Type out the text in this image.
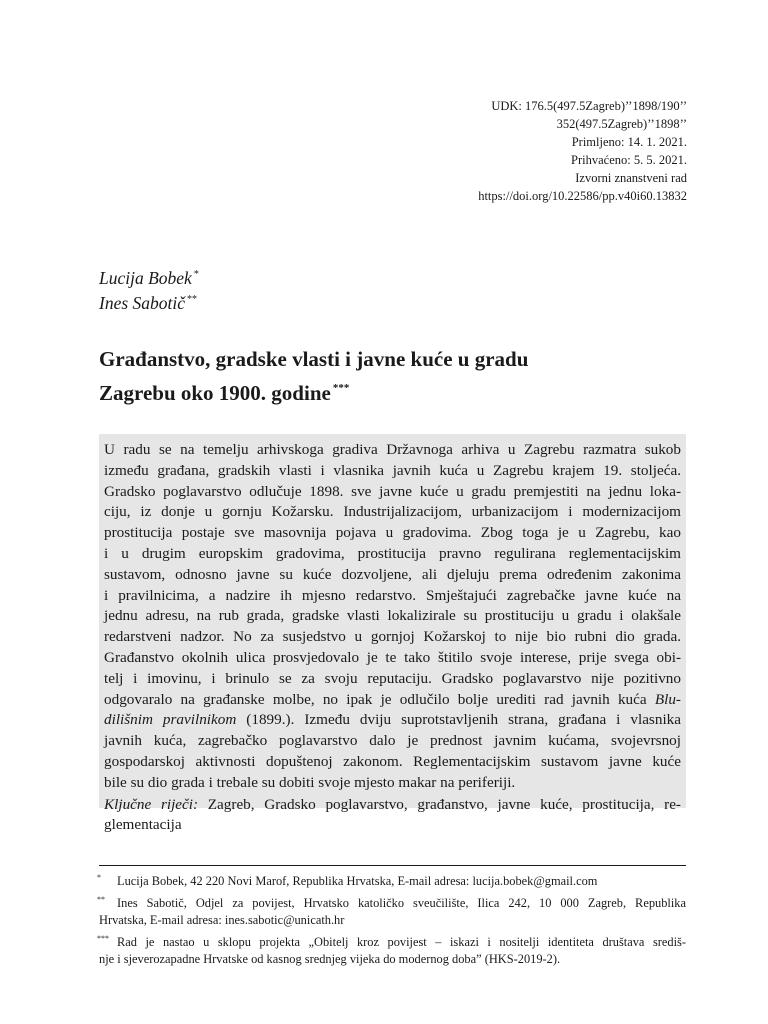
UDK: 176.5(497.5Zagreb)’’1898/190’’
352(497.5Zagreb)’’1898’’
Primljeno: 14. 1. 2021.
Prihvaćeno: 5. 5. 2021.
Izvorni znanstveni rad
https://doi.org/10.22586/pp.v40i60.13832
Lucija Bobek *
Ines Sabotič **
Građanstvo, gradske vlasti i javne kuće u gradu
Zagrebu oko 1900. godine ***

U radu se na temelju arhivskoga gradiva Državnoga arhiva u Zagrebu razmatra sukob
između građana, gradskih vlasti i vlasnika javnih kuća u Zagrebu krajem 19. stoljeća.
Gradsko poglavarstvo odlučuje 1898. sve javne kuće u gradu premjestiti na jednu loka-
ciju, iz donje u gornju Kožarsku. Industrijalizacijom, urbanizacijom i modernizacijom
prostitucija postaje sve masovnija pojava u gradovima. Zbog toga je u Zagrebu, kao
i u drugim europskim gradovima, prostitucija pravno regulirana reglementacijskim
sustavom, odnosno javne su kuće dozvoljene, ali djeluju prema određenim zakonima
i pravilnicima, a nadzire ih mjesno redarstvo. Smještajući zagrebačke javne kuće na
jednu adresu, na rub grada, gradske vlasti lokalizirale su prostituciju u gradu i olakšale
redarstveni nadzor. No za susjedstvo u gornjoj Kožarskoj to nije bio rubni dio grada.
Građanstvo okolnih ulica prosvjedovalo je te tako štitilo svoje interese, prije svega obi-
telj i imovinu, i brinulo se za svoju reputaciju. Gradsko poglavarstvo nije pozitivno
odgovaralo na građanske molbe, no ipak je odlučilo bolje urediti rad javnih kuća Blu-
dilišnim pravilnikom (1899.). Između dviju suprotstavljenih strana, građana i vlasnika
javnih kuća, zagrebačko poglavarstvo dalo je prednost javnim kućama, svojevrsnoj
gospodarskoj aktivnosti dopuštenoj zakonom. Reglementacijskim sustavom javne kuće
bile su dio grada i trebale su dobiti svoje mjesto makar na periferiji.

Ključne riječi: Zagreb, Gradsko poglavarstvo, građanstvo, javne kuće, prostitucija, re-
glementacija

*	Lucija Bobek, 42 220 Novi Marof, Republika Hrvatska, E-mail adresa: lucija.bobek@gmail.com
** Ines Sabotič, Odjel za povijest, Hrvatsko katoličko sveučilište, Ilica 242, 10 000 Zagreb, Republika
Hrvatska, E-mail adresa: ines.sabotic@unicath.hr
*** Rad je nastao u sklopu projekta „Obitelj kroz povijest – iskazi i nositelji identiteta društava središ-
nje i sjeverozapadne Hrvatske od kasnog srednjeg vijeka do modernog doba” (HKS-2019-2).
